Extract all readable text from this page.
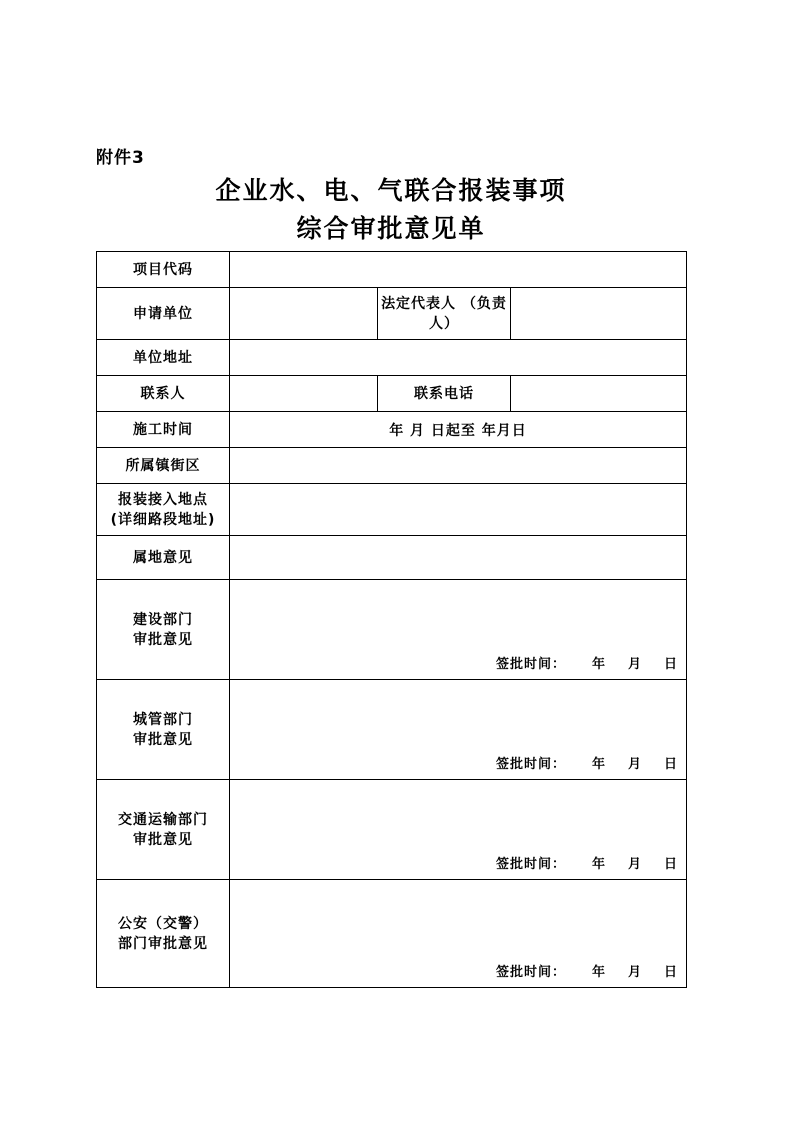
附件3
企业水、电、气联合报装事项
综合审批意见单
项目代码			
申请单位		法定代表人 （负责人）	
单位地址			
联系人		联系电话	
施工时间	年 月 日起至 年月日		
所属镇街区			
报装接入地点
(详细路段地址)			

属地意见			
建设部门
审批意见	签批时间： 年 月 日		

城管部门
审批意见	签批时间： 年 月 日		

交通运输部门
审批意见	签批时间： 年 月 日		

公安（交警）
部门审批意见	签批时间： 年 月 日		
